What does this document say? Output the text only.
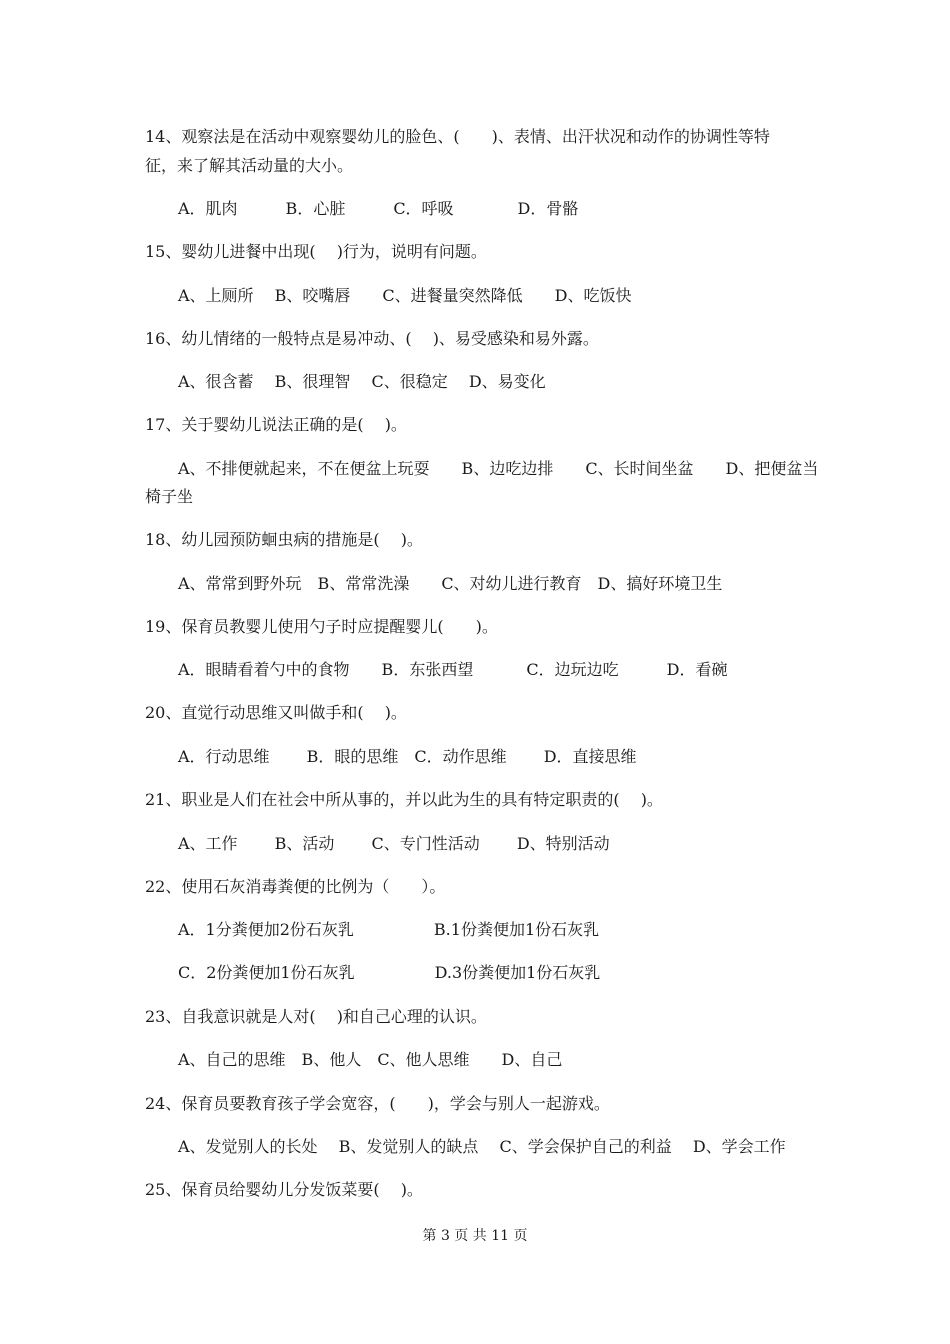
14、观察法是在活动中观察婴幼儿的脸色、(　　)、表情、出汗状况和动作的协调性等特
征，来了解其活动量的大小。
A．肌肉　　　B．心脏　　　C．呼吸　　　　D．骨骼
15、婴幼儿进餐中出现(　 )行为，说明有问题。
A、上厕所　 B、咬嘴唇　　C、进餐量突然降低　　D、吃饭快
16、幼儿情绪的一般特点是易冲动、(　 )、易受感染和易外露。
A、很含蓄　 B、很理智　 C、很稳定　 D、易变化
17、关于婴幼儿说法正确的是(　 )。
A、不排便就起来，不在便盆上玩耍　　B、边吃边排　　C、长时间坐盆　　D、把便盆当
椅子坐
18、幼儿园预防蛔虫病的措施是(　 )。
A、常常到野外玩　B、常常洗澡　　C、对幼儿进行教育　D、搞好环境卫生
19、保育员教婴儿使用勺子时应提醒婴儿(　　)。
A．眼睛看着勺中的食物　　B．东张西望　　　 C．边玩边吃　　　D．看碗
20、直觉行动思维又叫做手和(　 )。
A．行动思维　　 B．眼的思维　C．动作思维　　 D．直接思维
21、职业是人们在社会中所从事的，并以此为生的具有特定职责的(　 )。
A、工作　　 B、活动　　 C、专门性活动　　 D、特别活动
22、使用石灰消毒粪便的比例为（　　）。
A．1分粪便加2份石灰乳　　　　　B.1份粪便加1份石灰乳
C．2份粪便加1份石灰乳　　　　　D.3份粪便加1份石灰乳
23、自我意识就是人对(　 )和自己心理的认识。
A、自己的思维　B、他人　C、他人思维　　D、自己
24、保育员要教育孩子学会宽容，(　　)，学会与别人一起游戏。
A、发觉别人的长处　 B、发觉别人的缺点　 C、学会保护自己的利益　 D、学会工作
25、保育员给婴幼儿分发饭菜要(　 )。
第 3 页 共 11 页
